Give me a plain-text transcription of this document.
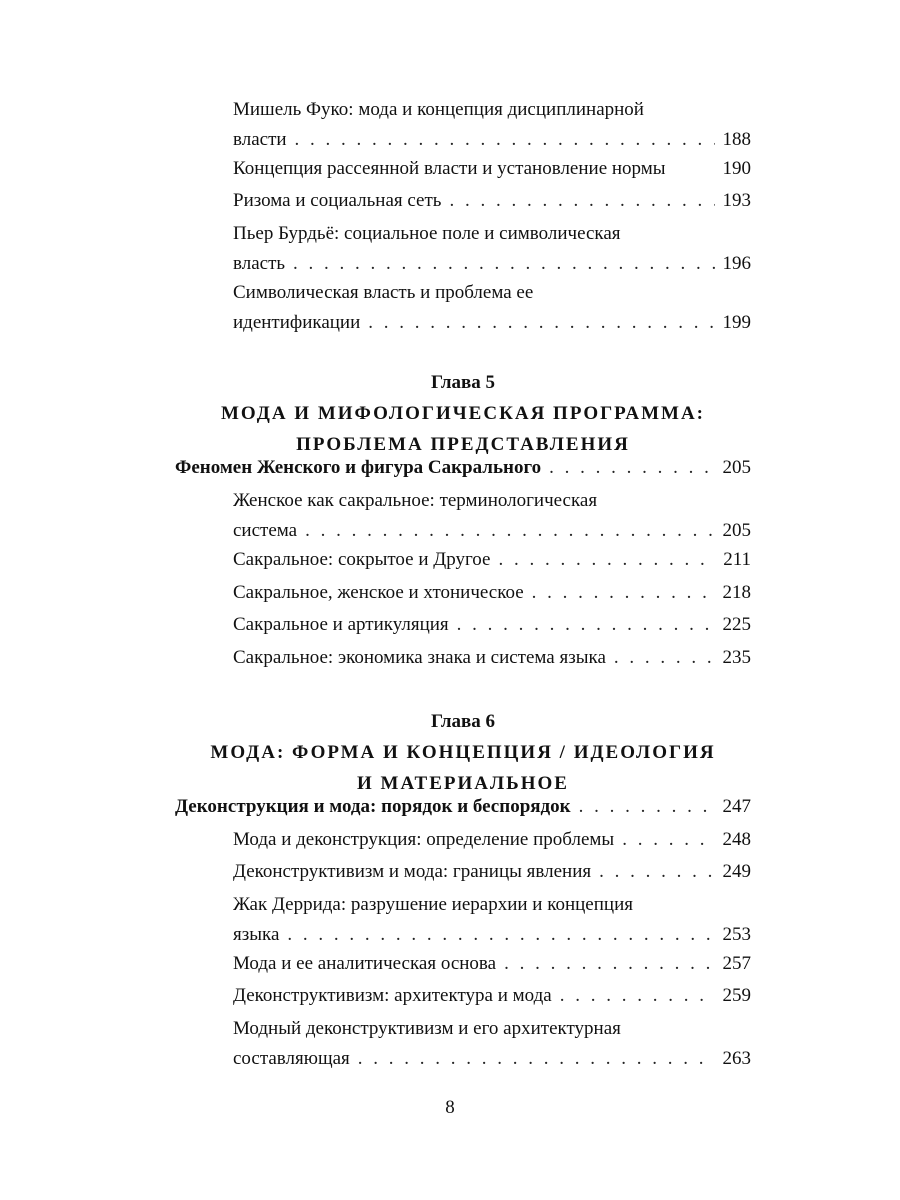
Мишель Фуко: мода и концепция дисциплинарной
власти . . .	188
Концепция рассеянной власти и установление нормы	190
Ризома и социальная сеть . . .	193
Пьер Бурдьё: социальное поле и символическая
власть . . .	196
Символическая власть и проблема ее
идентификации . . .	199
Глава 5
МОДА И МИФОЛОГИЧЕСКАЯ ПРОГРАММА:
ПРОБЛЕМА ПРЕДСТАВЛЕНИЯ
Феномен Женского и фигура Сакрального . . .	205
Женское как сакральное: терминологическая
система . . .	205
Сакральное: сокрытое и Другое . . .	211
Сакральное, женское и хтоническое . . .	218
Сакральное и артикуляция . . .	225
Сакральное: экономика знака и система языка . . .	235
Глава 6
МОДА: ФОРМА И КОНЦЕПЦИЯ / ИДЕОЛОГИЯ
И МАТЕРИАЛЬНОЕ
Деконструкция и мода: порядок и беспорядок . . .	247
Мода и деконструкция: определение проблемы . . .	248
Деконструктивизм и мода: границы явления . . .	249
Жак Деррида: разрушение иерархии и концепция
языка . . .	253
Мода и ее аналитическая основа . . .	257
Деконструктивизм: архитектура и мода . . .	259
Модный деконструктивизм и его архитектурная
составляющая . . .	263
8
